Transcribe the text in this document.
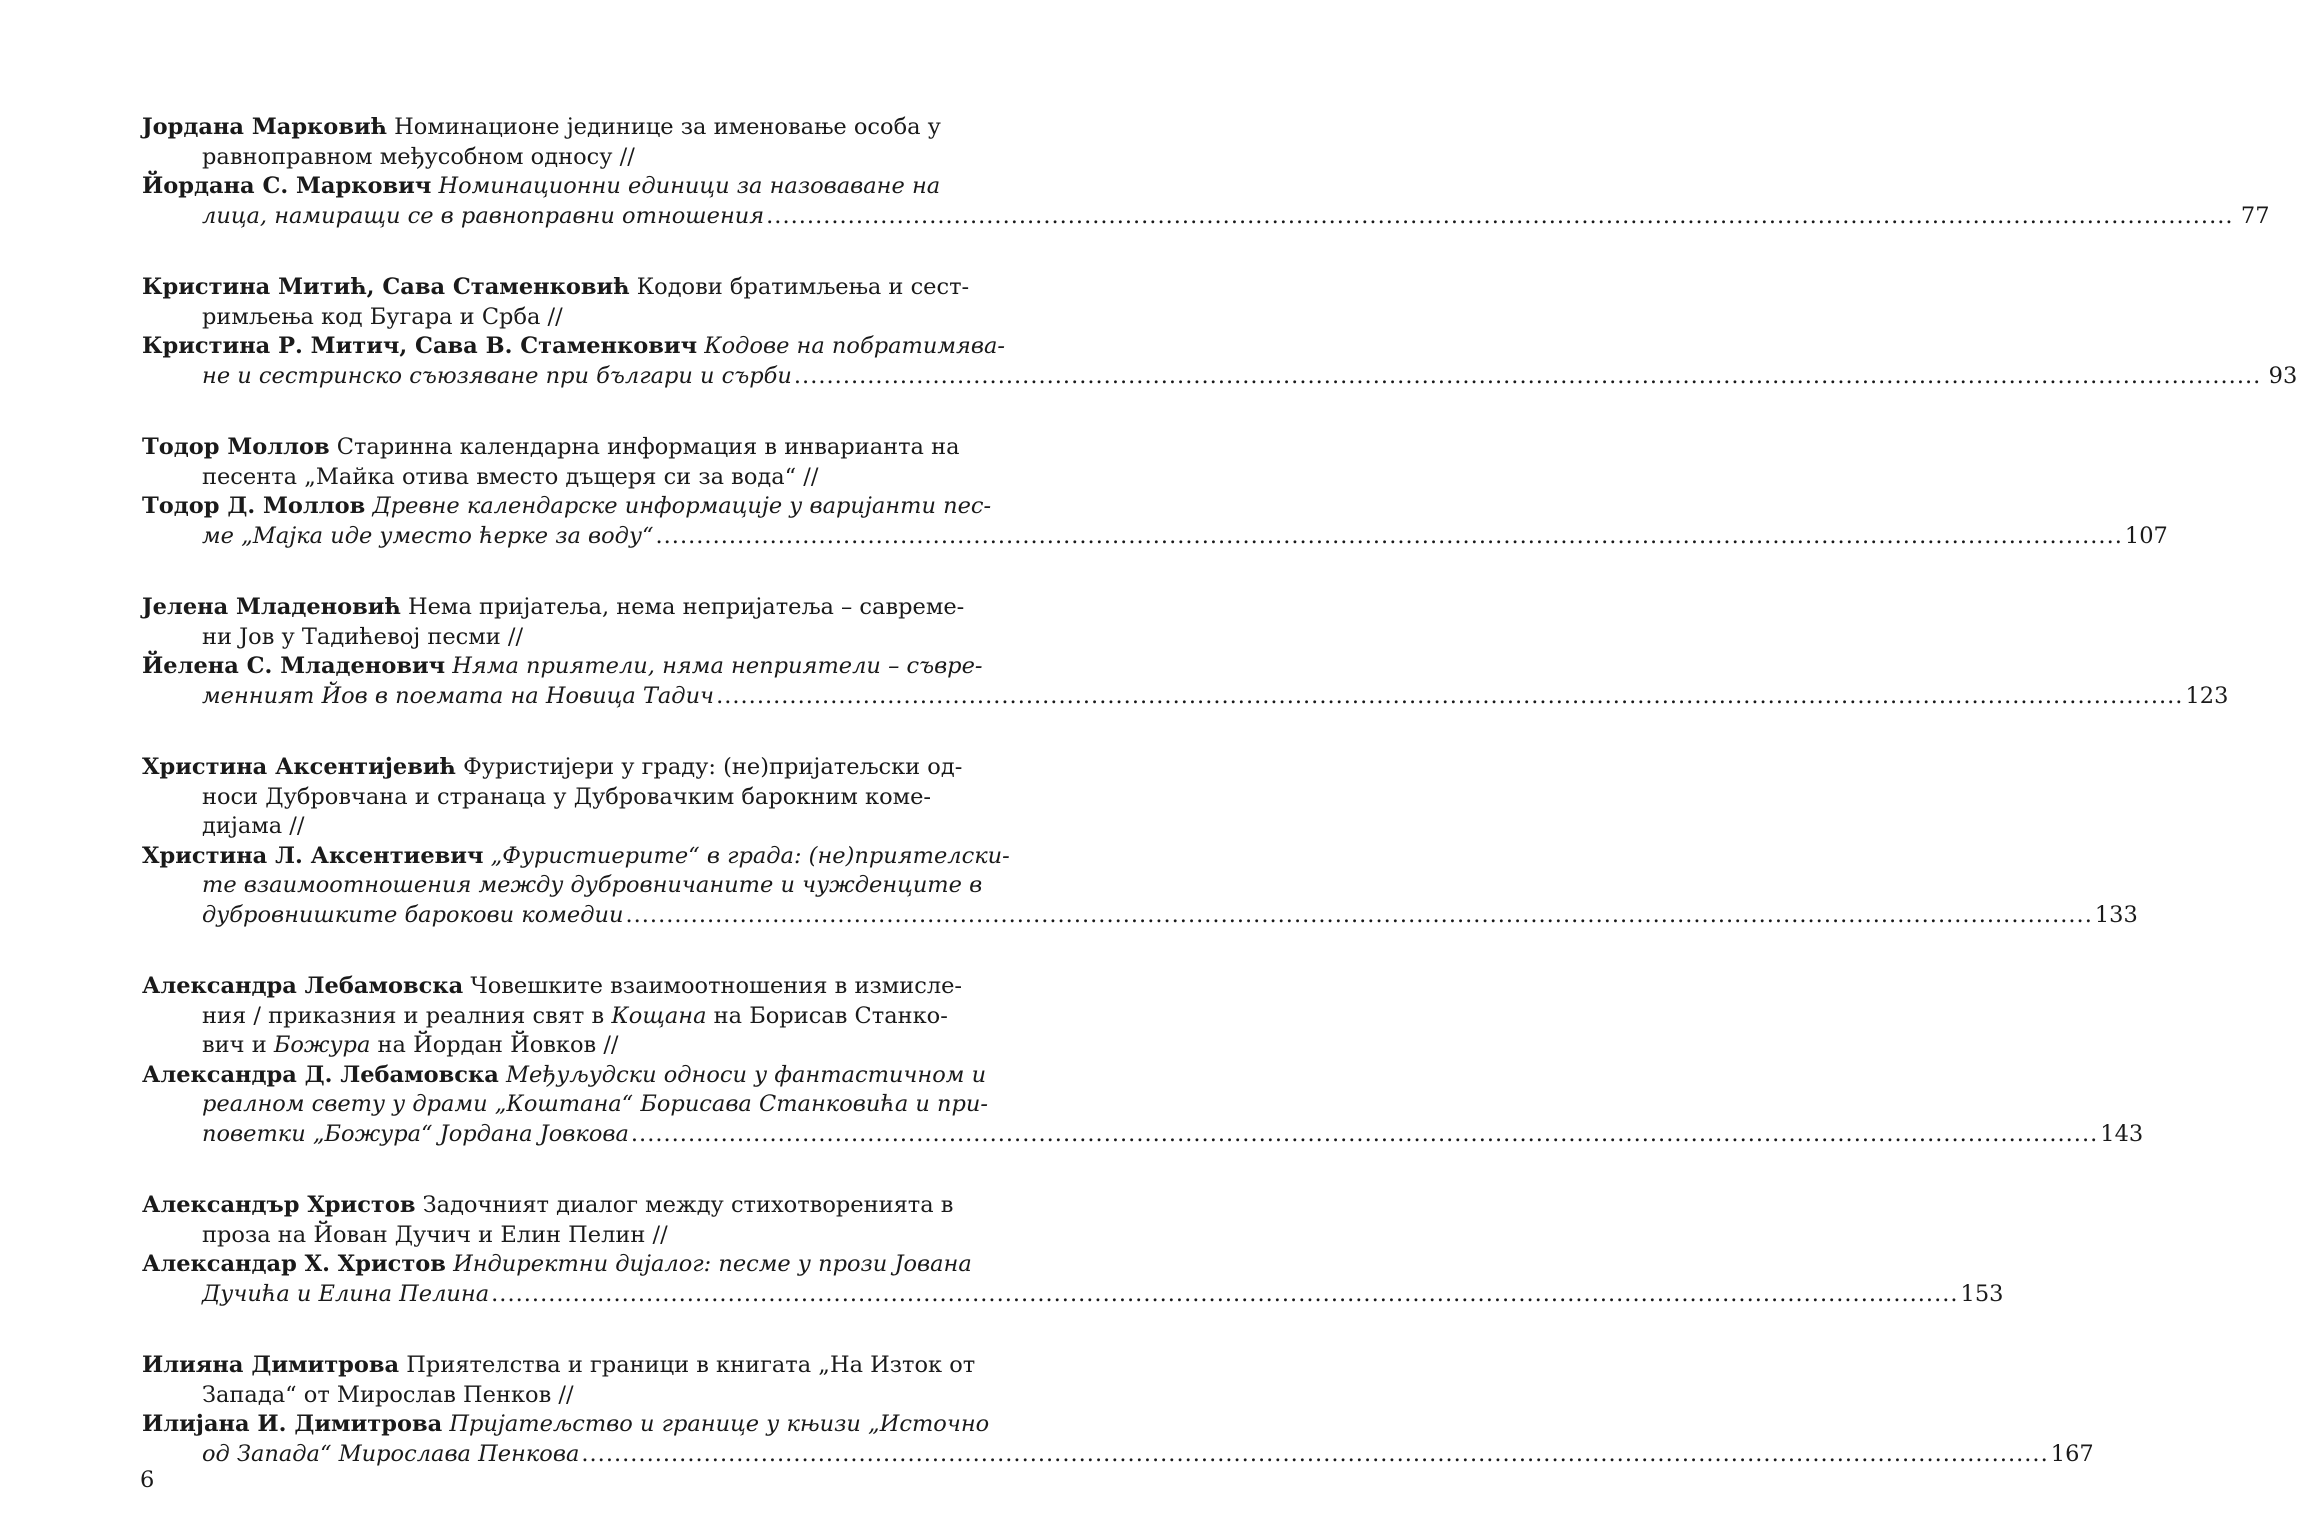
Јордана Марковић Номинационе јединице за именовање особа у
равноправном међусобном односу //
Йордана С. Маркович Номинационни единици за назоваване на
лица, намиращи се в равноправни отношения .....	77
Кристина Митић, Сава Стаменковић Кодови братимљења и сест-
римљења код Бугара и Срба //
Кристина Р. Митич, Сава В. Стаменкович Кодове на побратимява-
не и сестринско съюзяване при българи и сърби .....	93
Тодор Моллов Старинна календарна информация в инварианта на
песента „Майка отива вместо дъщеря си за вода“ //
Тодор Д. Моллов Древне календарске информације у варијанти пес-
ме „Мајка иде уместо ћерке за воду“ .....	107
Јелена Младеновић Нема пријатеља, нема непријатеља – савреме-
ни Јов у Тадићевој песми //
Йелена С. Младенович Няма приятели, няма неприятели – съвре-
менният Йов в поемата на Новица Тадич .....	123
Христина Аксентијевић Фуристијери у граду: (не)пријатељски од-
носи Дубровчана и странаца у Дубровачким барокним коме-
дијама //
Христина Л. Аксентиевич „Фуристиерите“ в града: (не)приятелски-
те взаимоотношения между дубровничаните и чужденците в
дубровнишките барокови комедии .....	133
Александра Лебамовска Човешките взаимоотношения в измисле-
ния / приказния и реалния свят в Кощана на Борисав Станко-
вич и Божура на Йордан Йовков //
Александра Д. Лебамовска Међуљудски односи у фантастичном и
реалном свету у драми „Коштана“ Борисава Станковића и при-
поветки „Божура“ Јордана Јовкова .....	143
Александър Христов Задочният диалог между стихотворенията в
проза на Йован Дучич и Елин Пелин //
Александар Х. Христов Индиректни дијалог: песме у прози Јована
Дучића и Елина Пелина .....	153
Илияна Димитрова Приятелства и граници в книгата „На Изток от
Запада“ от Мирослав Пенков //
Илијана И. Димитрова Пријатељство и границе у књизи „Источно
од Запада“ Мирослава Пенкова .....	167
6
